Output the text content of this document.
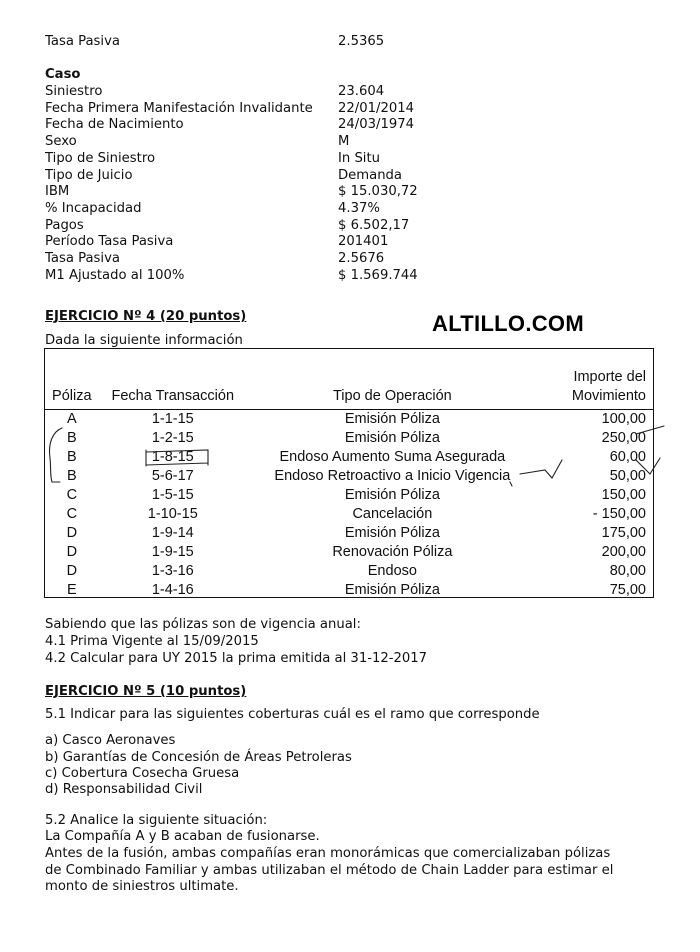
Tasa Pasiva	2.5365
Caso
Siniestro	23.604
Fecha Primera Manifestación Invalidante 22/01/2014
Fecha de Nacimiento	24/03/1974
Sexo	M
Tipo de Siniestro	In Situ
Tipo de Juicio	Demanda
IBM	$ 15.030,72
% Incapacidad	4.37%
Pagos	$ 6.502,17
Período Tasa Pasiva	201401
Tasa Pasiva	2.5676
M1 Ajustado al 100%	$ 1.569.744
ALTILLO.COM
EJERCICIO Nº 4 (20 puntos)
Dada la siguiente información
Póliza	Fecha Transacción	Tipo de Operación	Importe del
Movimiento

A	1-1-15	Emisión Póliza	100,00
B	1-2-15	Emisión Póliza	250,00
B	1-8-15	Endoso Aumento Suma Asegurada	60,00
B	5-6-17	Endoso Retroactivo a Inicio Vigencia	50,00
C	1-5-15	Emisión Póliza	150,00
C	1-10-15	Cancelación	- 150,00
D	1-9-14	Emisión Póliza	175,00
D	1-9-15	Renovación Póliza	200,00
D	1-3-16	Endoso	80,00
E	1-4-16	Emisión Póliza	75,00
Sabiendo que las pólizas son de vigencia anual:
4.1 Prima Vigente al 15/09/2015
4.2 Calcular para UY 2015 la prima emitida al 31-12-2017
EJERCICIO Nº 5 (10 puntos)
5.1 Indicar para las siguientes coberturas cuál es el ramo que corresponde
a) Casco Aeronaves
b) Garantías de Concesión de Áreas Petroleras
c) Cobertura Cosecha Gruesa
d) Responsabilidad Civil
5.2 Analice la siguiente situación:
La Compañía A y B acaban de fusionarse.
Antes de la fusión, ambas compañías eran monorámicas que comercializaban pólizas
de Combinado Familiar y ambas utilizaban el método de Chain Ladder para estimar el
monto de siniestros ultimate.
